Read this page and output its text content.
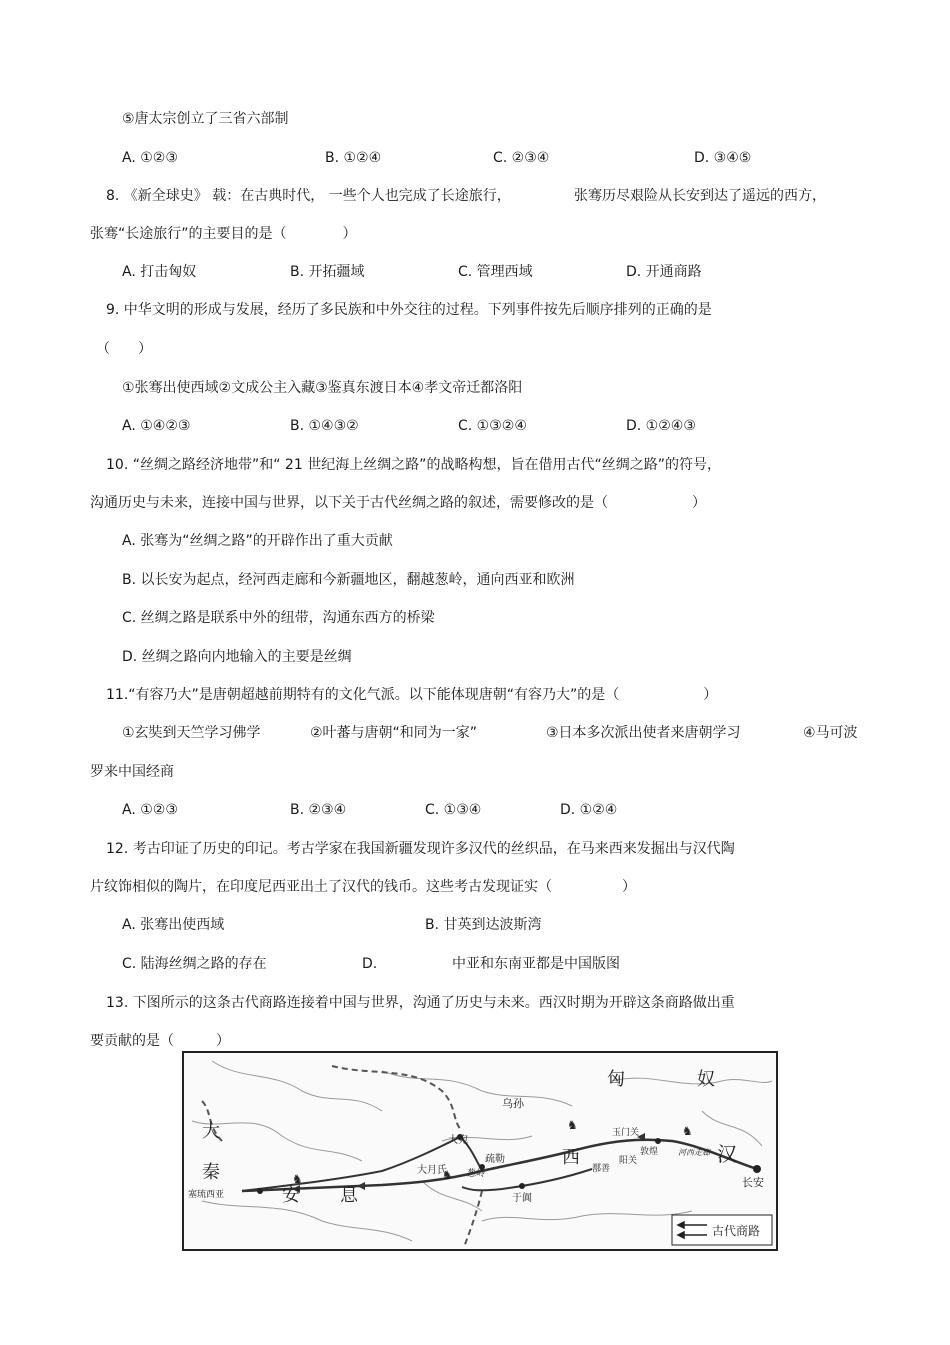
⑤唐太宗创立了三省六部制
A. ①②③	B. ①②④	C. ②③④	D. ③④⑤
8. 《新全球史》 载：在古典时代， 一些个人也完成了长途旅行，	张骞历尽艰险从长安到达了遥远的西方，
张骞“长途旅行”的主要目的是（　　　　）
A. 打击匈奴	B. 开拓疆域	C. 管理西域	D. 开通商路
9. 中华文明的形成与发展，经历了多民族和中外交往的过程。下列事件按先后顺序排列的正确的是
（　　）
①张骞出使西域②文成公主入藏③鉴真东渡日本④孝文帝迁都洛阳
A. ①④②③	B. ①④③②	C. ①③②④	D. ①②④③
10. “丝绸之路经济地带”和“ 21 世纪海上丝绸之路”的战略构想，旨在借用古代“丝绸之路”的符号，
沟通历史与未来，连接中国与世界，以下关于古代丝绸之路的叙述，需要修改的是（　　　　　　）
A. 张骞为“丝绸之路”的开辟作出了重大贡献
B. 以长安为起点，经河西走廊和今新疆地区，翻越葱岭，通向西亚和欧洲
C. 丝绸之路是联系中外的纽带，沟通东西方的桥梁
D. 丝绸之路向内地输入的主要是丝绸
11.“有容乃大”是唐朝超越前期特有的文化气派。以下能体现唐朝“有容乃大”的是（　　　　　　）
①玄奘到天竺学习佛学	②叶蕃与唐朝“和同为一家”	③日本多次派出使者来唐朝学习	④马可波
罗来中国经商
A. ①②③	B. ②③④	C. ①③④	D. ①②④
12. 考古印证了历史的印记。考古学家在我国新疆发现许多汉代的丝织品，在马来西来发掘出与汉代陶
片纹饰相似的陶片，在印度尼西亚出土了汉代的钱币。这些考古发现证实（　　　　　）
A. 张骞出使西域	B. 甘英到达波斯湾
C. 陆海丝绸之路的存在	D.	中亚和东南亚都是中国版图
13. 下图所示的这条古代商路连接着中国与世界，沟通了历史与未来。西汉时期为开辟这条商路做出重
要贡献的是（　　　）
♞	♞
♞	♞
匈	奴
大
秦
安 息
西	汉
乌孙
大宛
大月氏
疏勒
葱岭
玉门关
阳关
敦煌
鄯善
于阗
长安
塞琉西亚
河西走廊
古代商路
